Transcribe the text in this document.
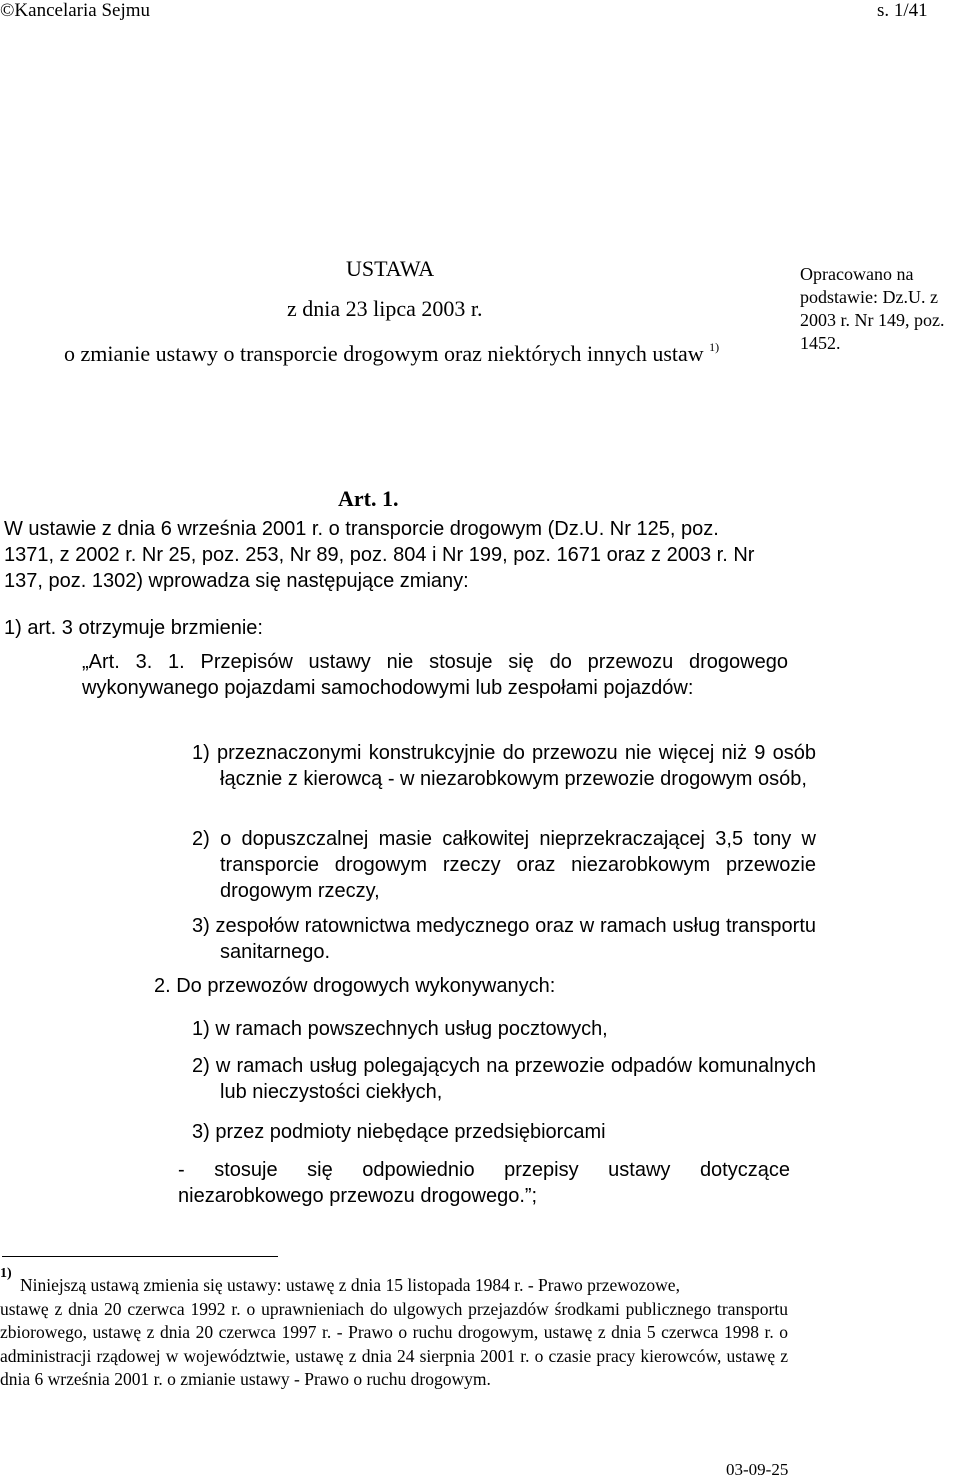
©Kancelaria Sejmu	s. 1/41
USTAWA
z dnia 23 lipca 2003 r.
o zmianie ustawy o transporcie drogowym oraz niektórych innych ustaw $^{1)}$
Opracowano na podstawie: Dz.U. z 2003 r. Nr 149, poz. 1452.
Art. 1.
W ustawie z dnia 6 września 2001 r. o transporcie drogowym (Dz.U. Nr 125, poz. 1371, z 2002 r. Nr 25, poz. 253, Nr 89, poz. 804 i Nr 199, poz. 1671 oraz z 2003 r. Nr 137, poz. 1302) wprowadza się następujące zmiany:
1) art. 3 otrzymuje brzmienie:
„Art. 3. 1. Przepisów ustawy nie stosuje się do przewozu drogowego wykonywanego pojazdami samochodowymi lub zespołami pojazdów:
1) przeznaczonymi konstrukcyjnie do przewozu nie więcej niż 9 osób łącznie z kierowcą - w niezarobkowym przewozie drogowym osób,
2) o dopuszczalnej masie całkowitej nieprzekraczającej 3,5 tony w transporcie drogowym rzeczy oraz niezarobkowym przewozie drogowym rzeczy,
3) zespołów ratownictwa medycznego oraz w ramach usług transportu sanitarnego.
2. Do przewozów drogowych wykonywanych:
1) w ramach powszechnych usług pocztowych,
2) w ramach usług polegających na przewozie odpadów komunalnych lub nieczystości ciekłych,
3) przez podmioty niebędące przedsiębiorcami
- stosuje się odpowiednio przepisy ustawy dotyczące niezarobkowego przewozu drogowego.”;
1)
Niniejszą ustawą zmienia się ustawy: ustawę z dnia 15 listopada 1984 r. - Prawo przewozowe,
ustawę z dnia 20 czerwca 1992 r. o uprawnieniach do ulgowych przejazdów środkami publicznego transportu zbiorowego, ustawę z dnia 20 czerwca 1997 r. - Prawo o ruchu drogowym, ustawę z dnia 5 czerwca 1998 r. o administracji rządowej w województwie, ustawę z dnia 24 sierpnia 2001 r. o czasie pracy kierowców, ustawę z dnia 6 września 2001 r. o zmianie ustawy - Prawo o ruchu drogowym.
03-09-25
